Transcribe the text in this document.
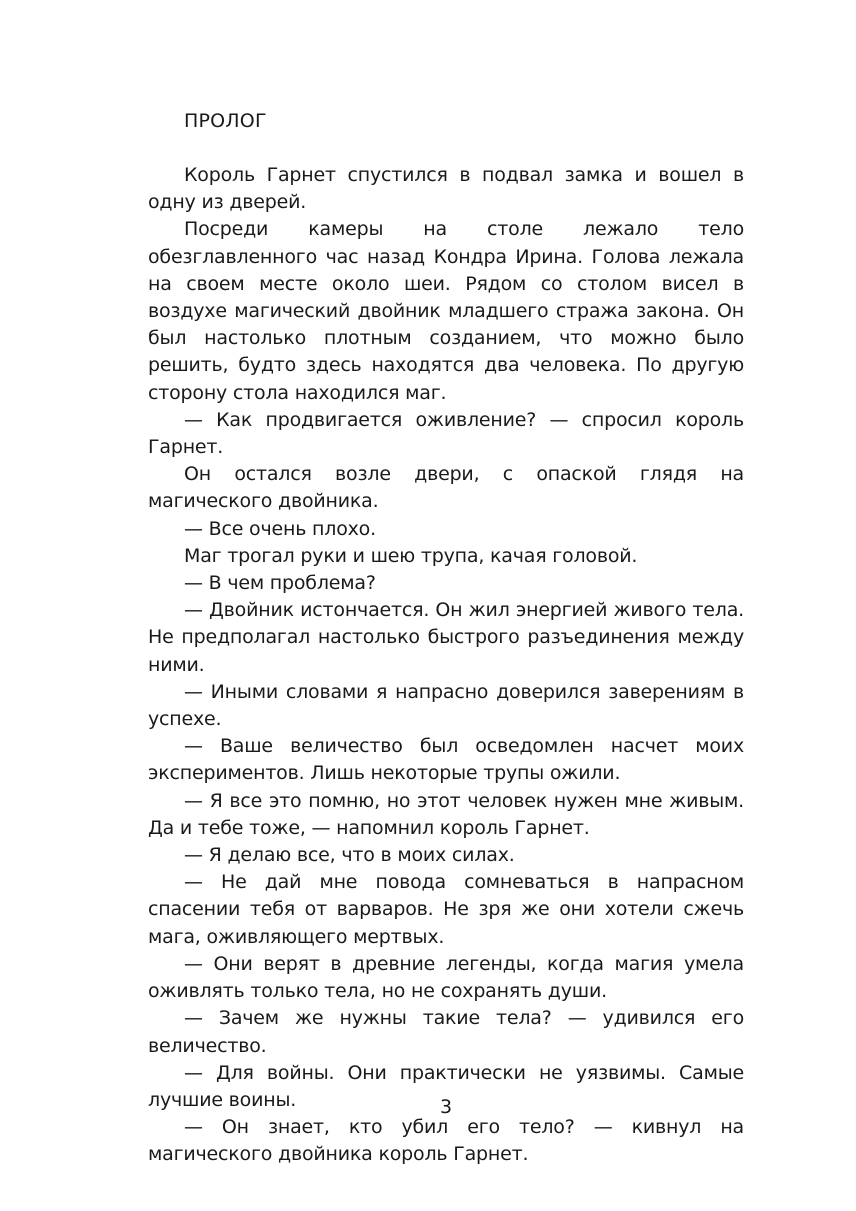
ПРОЛОГ

Король Гарнет спустился в подвал замка и вошел в одну из дверей.

Посреди камеры на столе лежало тело обезглавленного час назад Кондра Ирина. Голова лежала на своем месте около шеи. Рядом со столом висел в воздухе магический двойник младшего стража закона. Он был настолько плотным созданием, что можно было решить, будто здесь находятся два человека. По другую сторону стола находился маг.

— Как продвигается оживление? — спросил король Гарнет.

Он остался возле двери, с опаской глядя на магического двойника.

— Все очень плохо.

Маг трогал руки и шею трупа, качая головой.

— В чем проблема?

— Двойник истончается. Он жил энергией живого тела. Не предполагал настолько быстрого разъединения между ними.

— Иными словами я напрасно доверился заверениям в успехе.

— Ваше величество был осведомлен насчет моих экспериментов. Лишь некоторые трупы ожили.

— Я все это помню, но этот человек нужен мне живым. Да и тебе тоже, — напомнил король Гарнет.

— Я делаю все, что в моих силах.

— Не дай мне повода сомневаться в напрасном спасении тебя от варваров. Не зря же они хотели сжечь мага, оживляющего мертвых.

— Они верят в древние легенды, когда магия умела оживлять только тела, но не сохранять души.

— Зачем же нужны такие тела? — удивился его величество.

— Для войны. Они практически не уязвимы. Самые лучшие воины.

— Он знает, кто убил его тело? — кивнул на магического двойника король Гарнет.

3
